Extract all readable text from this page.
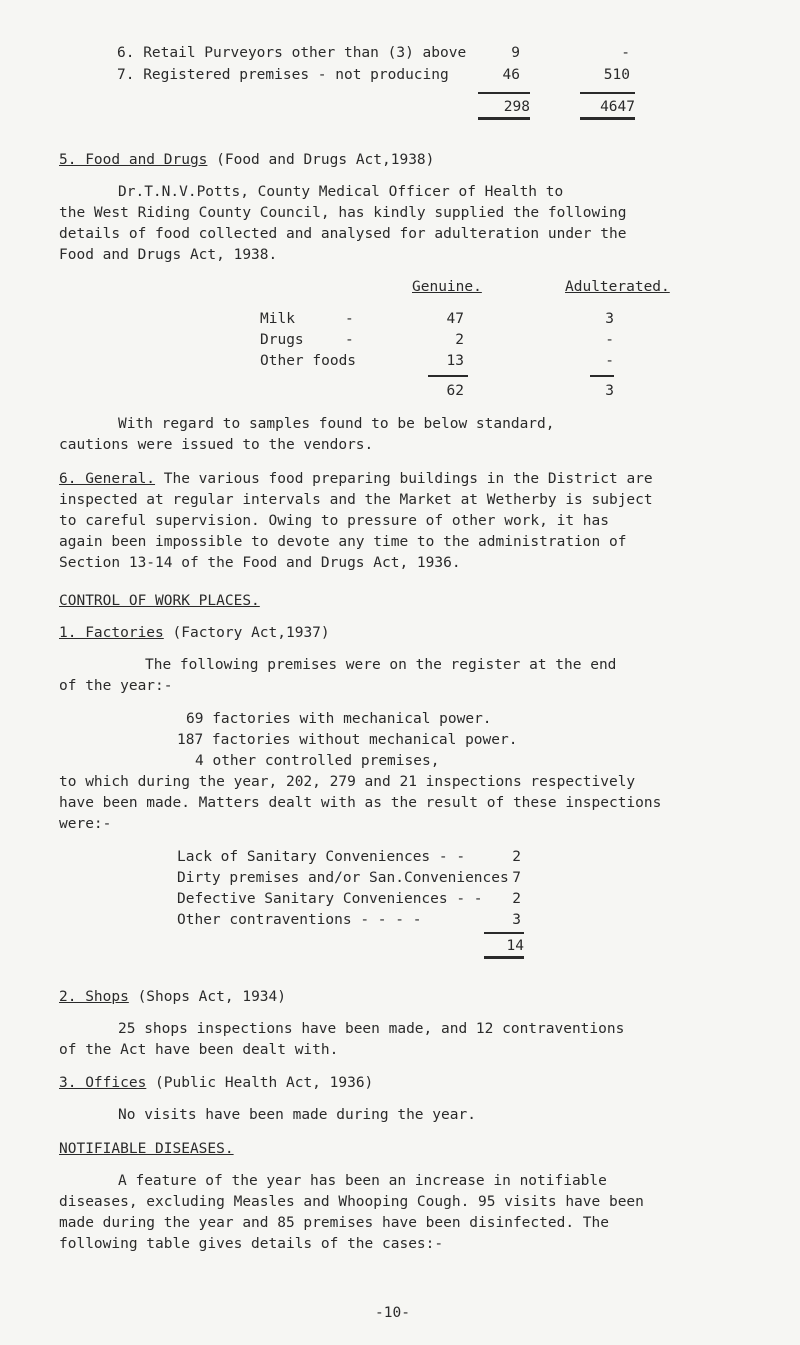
6. Retail Purveyors other than (3) above	9	-
7. Registered premises - not producing	46	510
298	4647
5. Food and Drugs (Food and Drugs Act,1938)
Dr.T.N.V.Potts, County Medical Officer of Health to
the West Riding County Council, has kindly supplied the following
details of food collected and analysed for adulteration under the
Food and Drugs Act, 1938.
Genuine.	Adulterated.
Milk	-	47	3
Drugs	-	2	-
Other foods	13	-
62	3
With regard to samples found to be below standard,
cautions were issued to the vendors.
6. General. The various food preparing buildings in the District are
inspected at regular intervals and the Market at Wetherby is subject
to careful supervision. Owing to pressure of other work, it has
again been impossible to devote any time to the administration of
Section 13-14 of the Food and Drugs Act, 1936.
CONTROL OF WORK PLACES.
1. Factories (Factory Act,1937)
The following premises were on the register at the end
of the year:-
69 factories with mechanical power.
187 factories without mechanical power.
4 other controlled premises,
to which during the year, 202, 279 and 21 inspections respectively
have been made. Matters dealt with as the result of these inspections
were:-
Lack of Sanitary Conveniences - -	2
Dirty premises and/or San.Conveniences 7
Defective Sanitary Conveniences - -	2
Other contraventions - - - -	3
14
2. Shops (Shops Act, 1934)
25 shops inspections have been made, and 12 contraventions
of the Act have been dealt with.
3. Offices (Public Health Act, 1936)
No visits have been made during the year.
NOTIFIABLE DISEASES.
A feature of the year has been an increase in notifiable
diseases, excluding Measles and Whooping Cough. 95 visits have been
made during the year and 85 premises have been disinfected. The
following table gives details of the cases:-
-10-
